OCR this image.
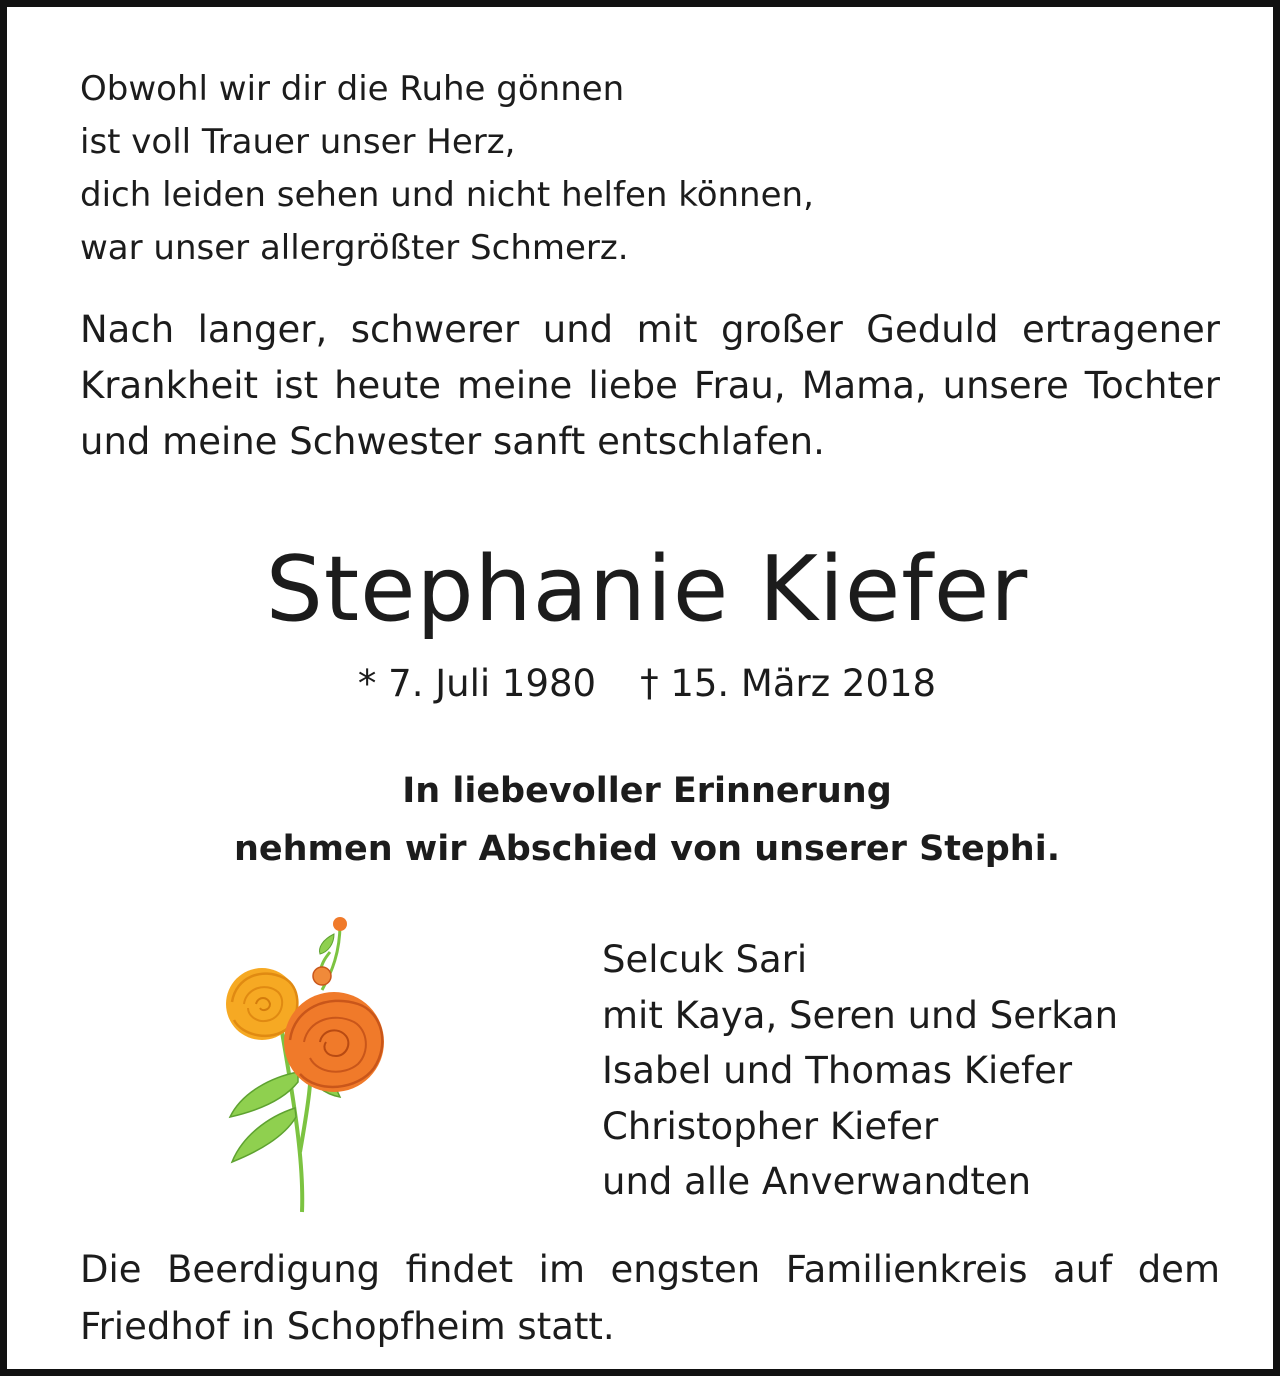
Obwohl wir dir die Ruhe gönnen
ist voll Trauer unser Herz,
dich leiden sehen und nicht helfen können,
war unser allergrößter Schmerz.
Nach langer, schwerer und mit großer Geduld ertragener Krankheit ist heute meine liebe Frau, Mama, unsere Tochter und meine Schwester sanft entschlafen.
Stephanie Kiefer
* 7. Juli 1980 † 15. März 2018
In liebevoller Erinnerung
nehmen wir Abschied von unserer Stephi.
Selcuk Sari
mit Kaya, Seren und Serkan
Isabel und Thomas Kiefer
Christopher Kiefer
und alle Anverwandten
Die Beerdigung findet im engsten Familienkreis auf dem Friedhof in Schopfheim statt.
